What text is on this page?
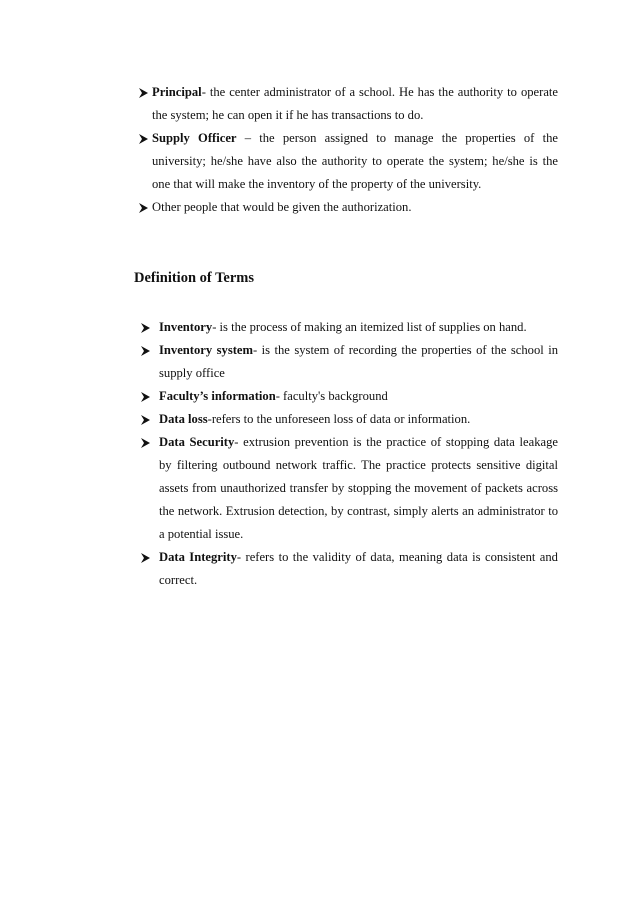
Principal- the center administrator of a school. He has the authority to operate the system; he can open it if he has transactions to do.
Supply Officer – the person assigned to manage the properties of the university; he/she have also the authority to operate the system; he/she is the one that will make the inventory of the property of the university.
Other people that would be given the authorization.
Definition of Terms
Inventory- is the process of making an itemized list of supplies on hand.
Inventory system- is the system of recording the properties of the school in supply office
Faculty’s information- faculty's background
Data loss-refers to the unforeseen loss of data or information.
Data Security- extrusion prevention is the practice of stopping data leakage by filtering outbound network traffic. The practice protects sensitive digital assets from unauthorized transfer by stopping the movement of packets across the network. Extrusion detection, by contrast, simply alerts an administrator to a potential issue.
Data Integrity- refers to the validity of data, meaning data is consistent and correct.
